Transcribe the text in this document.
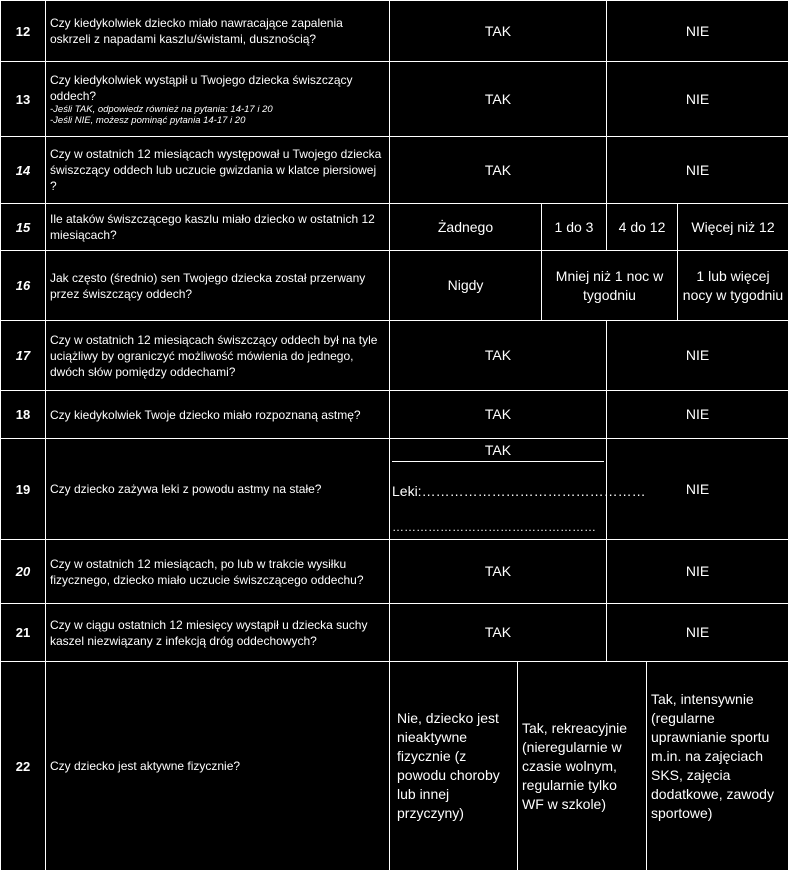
12
Czy kiedykolwiek dziecko miało nawracające zapalenia oskrzeli z napadami kaszlu/świstami, dusznością?
TAK	NIE
13
Czy kiedykolwiek wystąpił u Twojego dziecka świszczący oddech?
-Jeśli TAK, odpowiedz również na pytania: 14-17 i 20
-Jeśli NIE, możesz pominąć pytania 14-17 i 20
TAK	NIE
14
Czy w ostatnich 12 miesiącach występował u Twojego dziecka świszczący oddech lub uczucie gwizdania w klatce piersiowej ?
TAK	NIE
15
Ile ataków świszczącego kaszlu miało dziecko w ostatnich 12 miesiącach?
Żadnego	1 do 3	4 do 12	Więcej niż 12
16
Jak często (średnio) sen Twojego dziecka został przerwany przez świszczący oddech?
Nigdy
Mniej niż 1 noc w tygodniu
1 lub więcej nocy w tygodniu
17
Czy w ostatnich 12 miesiącach świszczący oddech był na tyle uciążliwy by ograniczyć możliwość mówienia do jednego, dwóch słów pomiędzy oddechami?
TAK	NIE
18	Czy kiedykolwiek Twoje dziecko miało rozpoznaną astmę?	TAK	NIE
19	Czy dziecko zażywa leki z powodu astmy na stałe?
TAK
Leki:…………………………………………
……………………………………………
NIE
20
Czy w ostatnich 12 miesiącach, po lub w trakcie wysiłku fizycznego, dziecko miało uczucie świszczącego oddechu?
TAK	NIE
21
Czy w ciągu ostatnich 12 miesięcy wystąpił u dziecka suchy kaszel niezwiązany z infekcją dróg oddechowych?
TAK	NIE
22	Czy dziecko jest aktywne fizycznie?
Nie, dziecko jest nieaktywne fizycznie (z powodu choroby lub innej przyczyny)
Tak, rekreacyjnie (nieregularnie w czasie wolnym, regularnie tylko WF w szkole)
Tak, intensywnie (regularne uprawnianie sportu m.in. na zajęciach SKS, zajęcia dodatkowe, zawody sportowe)
